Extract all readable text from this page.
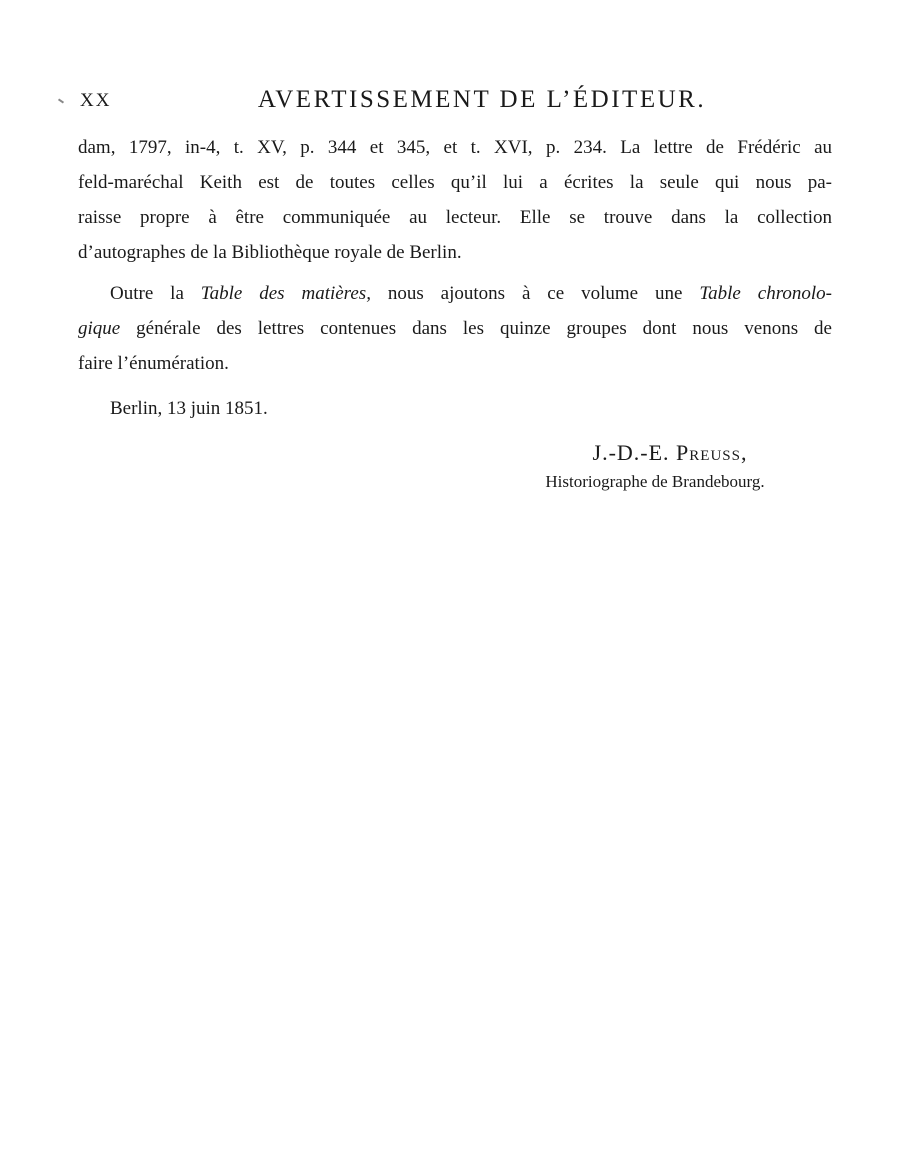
XX	AVERTISSEMENT DE L’ÉDITEUR.

dam, 1797, in-4, t. XV, p. 344 et 345, et t. XVI, p. 234. La lettre de Frédéric au
feld-maréchal Keith est de toutes celles qu’il lui a écrites la seule qui nous pa-
raisse propre à être communiquée au lecteur. Elle se trouve dans la collection
d’autographes de la Bibliothèque royale de Berlin.

Outre la Table des matières, nous ajoutons à ce volume une Table chronolo-
gique générale des lettres contenues dans les quinze groupes dont nous venons de
faire l’énumération.

Berlin, 13 juin 1851.

J.-D.-E. Preuss,
Historiographe de Brandebourg.
